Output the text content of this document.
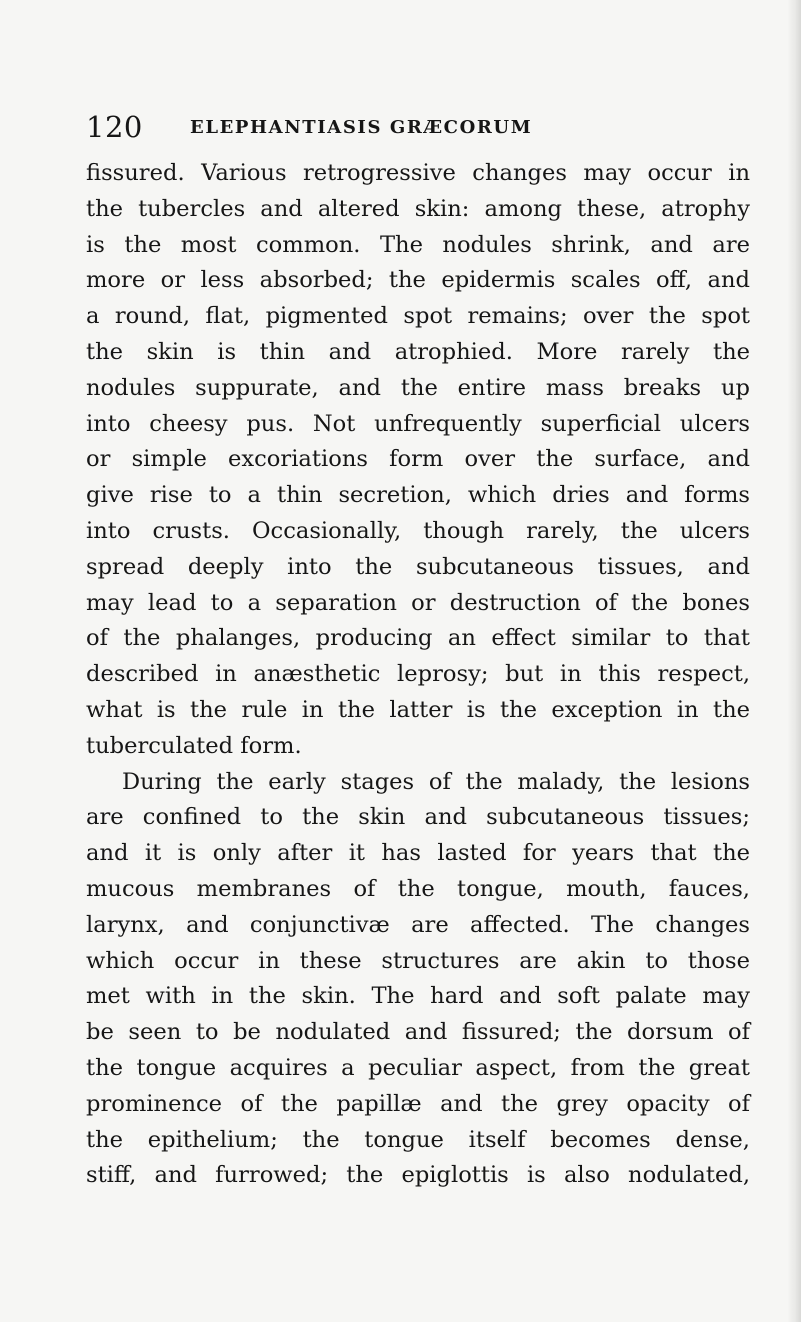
120	ELEPHANTIASIS GRÆCORUM
fissured. Various retrogressive changes may occur in
the tubercles and altered skin: among these, atrophy
is the most common. The nodules shrink, and are
more or less absorbed; the epidermis scales off, and
a round, flat, pigmented spot remains; over the spot
the skin is thin and atrophied. More rarely the
nodules suppurate, and the entire mass breaks up
into cheesy pus. Not unfrequently superficial ulcers
or simple excoriations form over the surface, and
give rise to a thin secretion, which dries and forms
into crusts. Occasionally, though rarely, the ulcers
spread deeply into the subcutaneous tissues, and
may lead to a separation or destruction of the bones
of the phalanges, producing an effect similar to that
described in anæsthetic leprosy; but in this respect,
what is the rule in the latter is the exception in the
tuberculated form.
During the early stages of the malady, the lesions
are confined to the skin and subcutaneous tissues;
and it is only after it has lasted for years that the
mucous membranes of the tongue, mouth, fauces,
larynx, and conjunctivæ are affected. The changes
which occur in these structures are akin to those
met with in the skin. The hard and soft palate may
be seen to be nodulated and fissured; the dorsum of
the tongue acquires a peculiar aspect, from the great
prominence of the papillæ and the grey opacity of
the epithelium; the tongue itself becomes dense,
stiff, and furrowed; the epiglottis is also nodulated,
